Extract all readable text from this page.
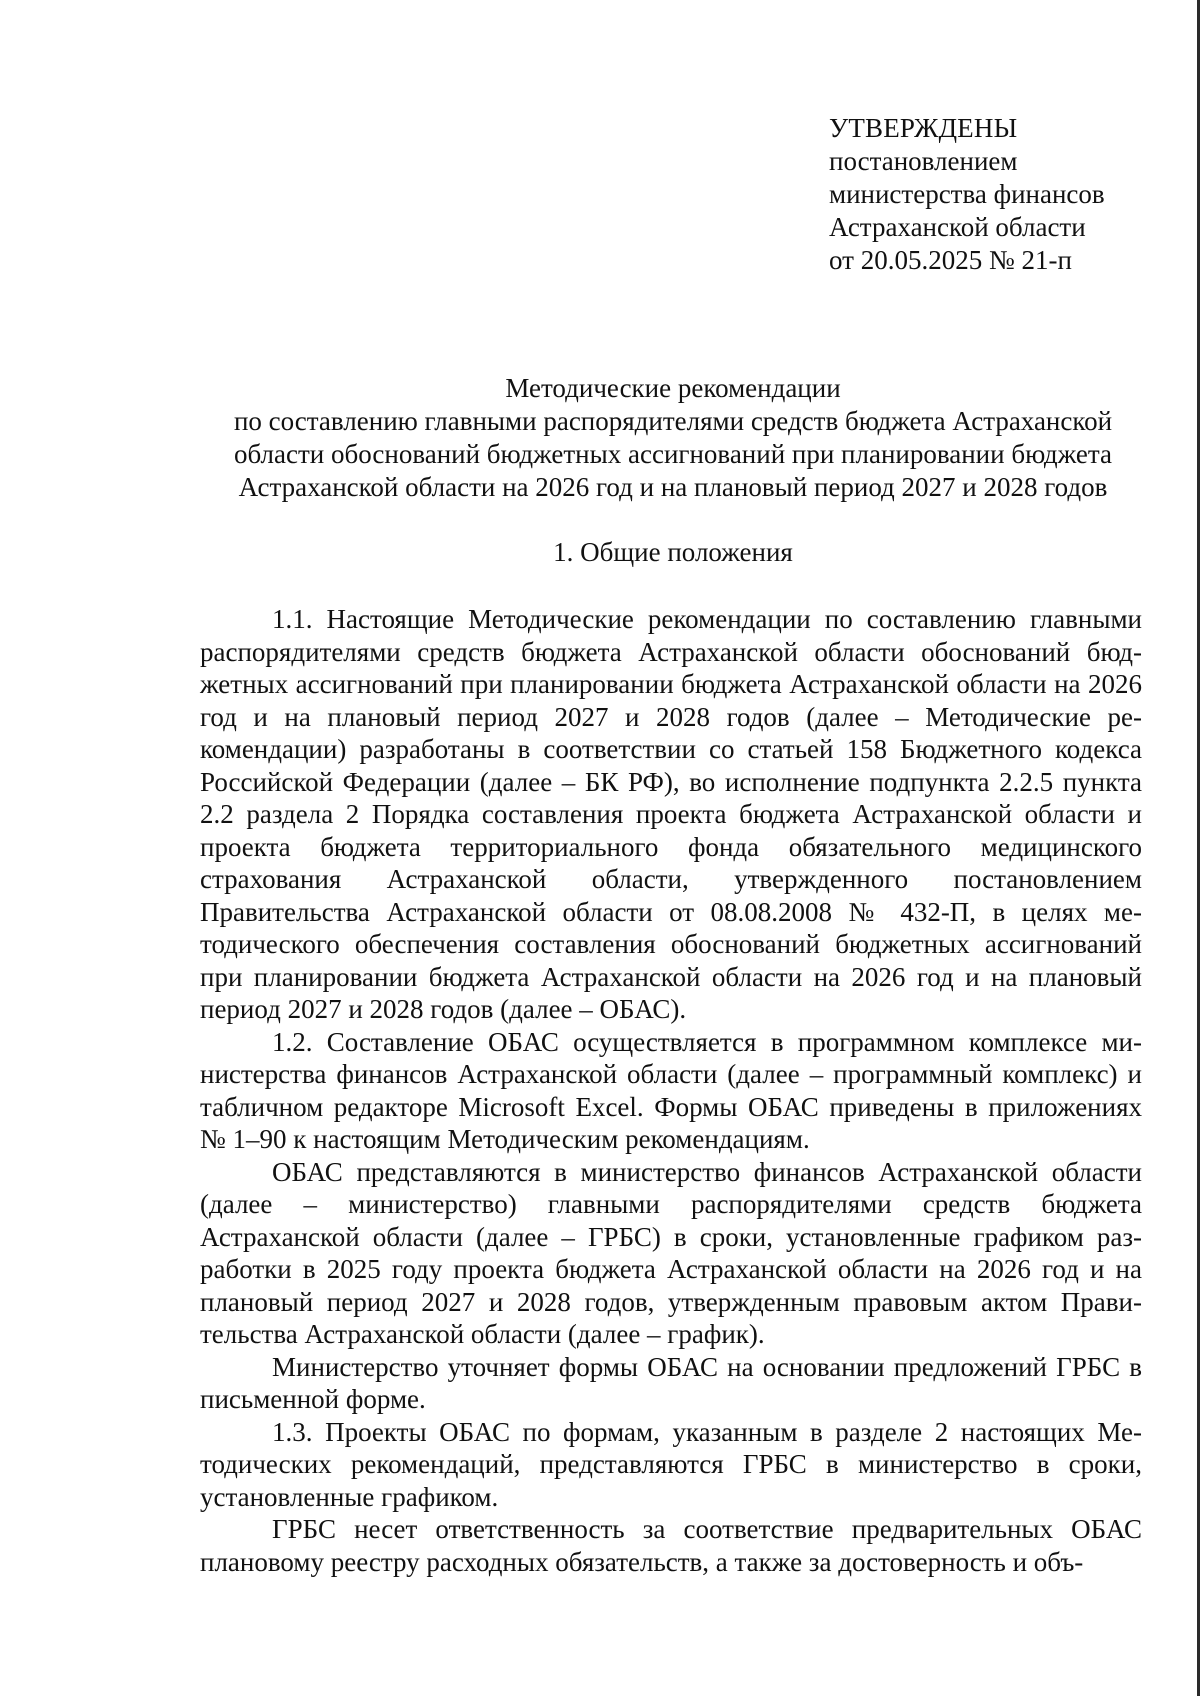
УТВЕРЖДЕНЫ
постановлением
министерства финансов
Астраханской области
от 20.05.2025 № 21-п
Методические рекомендации
по составлению главными распорядителями средств бюджета Астраханской
области обоснований бюджетных ассигнований при планировании бюджета
Астраханской области на 2026 год и на плановый период 2027 и 2028 годов
1. Общие положения

1.1. Настоящие Методические рекомендации по составлению главными распорядителями средств бюджета Астраханской области обоснований бюджетных ассигнований при планировании бюджета Астраханской области на 2026 год и на плановый период 2027 и 2028 годов (далее – Методические рекомендации) разработаны в соответствии со статьей 158 Бюджетного кодекса Российской Федерации (далее – БК РФ), во исполнение подпункта 2.2.5 пункта 2.2 раздела 2 Порядка составления проекта бюджета Астраханской области и проекта бюджета территориального фонда обязательного медицинского страхования Астраханской области, утвержденного постановлением Правительства Астраханской области от 08.08.2008 № 432-П, в целях методического обеспечения составления обоснований бюджетных ассигнований при планировании бюджета Астраханской области на 2026 год и на плановый период 2027 и 2028 годов (далее – ОБАС).

1.2. Составление ОБАС осуществляется в программном комплексе министерства финансов Астраханской области (далее – программный комплекс) и табличном редакторе Microsoft Excel. Формы ОБАС приведены в приложениях № 1–90 к настоящим Методическим рекомендациям.

ОБАС представляются в министерство финансов Астраханской области (далее – министерство) главными распорядителями средств бюджета Астраханской области (далее – ГРБС) в сроки, установленные графиком разработки в 2025 году проекта бюджета Астраханской области на 2026 год и на плановый период 2027 и 2028 годов, утвержденным правовым актом Правительства Астраханской области (далее – график).

Министерство уточняет формы ОБАС на основании предложений ГРБС в письменной форме.

1.3. Проекты ОБАС по формам, указанным в разделе 2 настоящих Методических рекомендаций, представляются ГРБС в министерство в сроки, установленные графиком.

ГРБС несет ответственность за соответствие предварительных ОБАС плановому реестру расходных обязательств, а также за достоверность и объ-
